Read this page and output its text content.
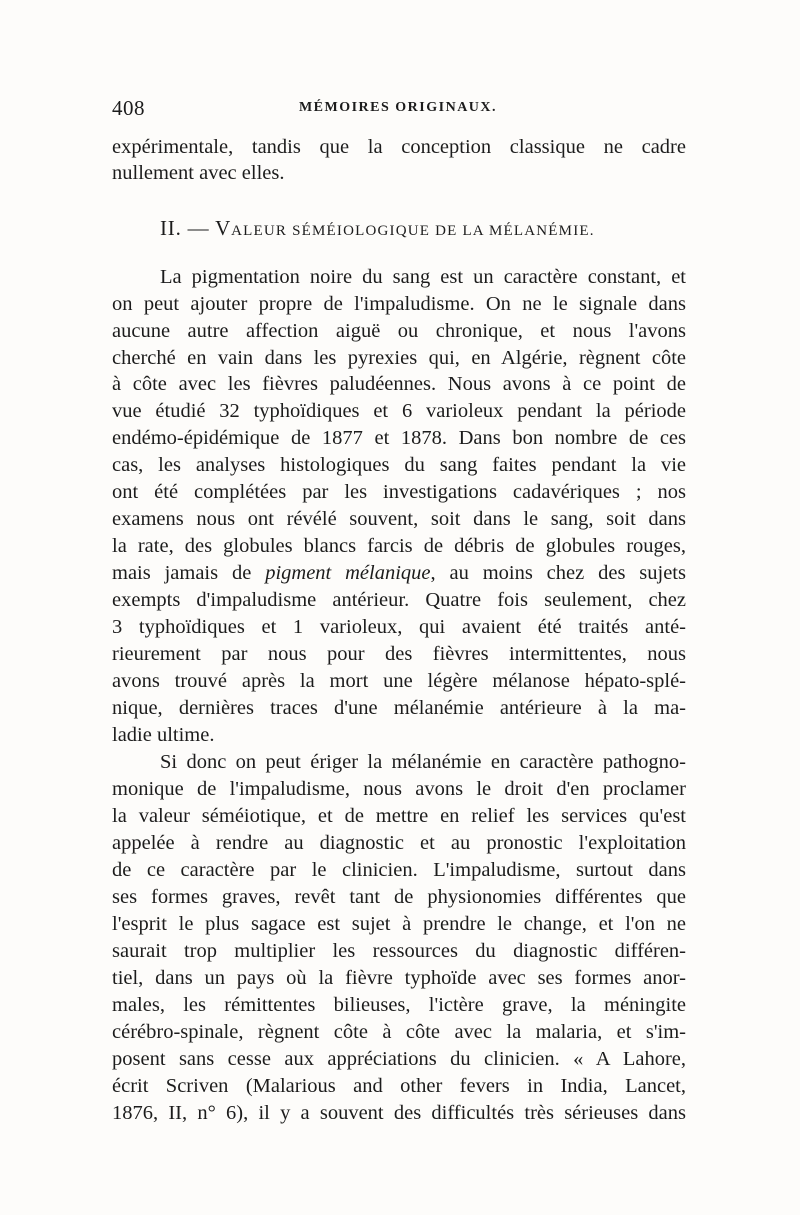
408	MÉMOIRES ORIGINAUX.
expérimentale, tandis que la conception classique ne cadre
nullement avec elles.
II. — VALEUR SÉMÉIOLOGIQUE DE LA MÉLANÉMIE.
La pigmentation noire du sang est un caractère constant, et
on peut ajouter propre de l'impaludisme. On ne le signale dans
aucune autre affection aiguë ou chronique, et nous l'avons
cherché en vain dans les pyrexies qui, en Algérie, règnent côte
à côte avec les fièvres paludéennes. Nous avons à ce point de
vue étudié 32 typhoïdiques et 6 varioleux pendant la période
endémo-épidémique de 1877 et 1878. Dans bon nombre de ces
cas, les analyses histologiques du sang faites pendant la vie
ont été complétées par les investigations cadavériques ; nos
examens nous ont révélé souvent, soit dans le sang, soit dans
la rate, des globules blancs farcis de débris de globules rouges,
mais jamais de pigment mélanique, au moins chez des sujets
exempts d'impaludisme antérieur. Quatre fois seulement, chez
3 typhoïdiques et 1 varioleux, qui avaient été traités anté-
rieurement par nous pour des fièvres intermittentes, nous
avons trouvé après la mort une légère mélanose hépato-splé-
nique, dernières traces d'une mélanémie antérieure à la ma-
ladie ultime.
Si donc on peut ériger la mélanémie en caractère pathogno-
monique de l'impaludisme, nous avons le droit d'en proclamer
la valeur séméiotique, et de mettre en relief les services qu'est
appelée à rendre au diagnostic et au pronostic l'exploitation
de ce caractère par le clinicien. L'impaludisme, surtout dans
ses formes graves, revêt tant de physionomies différentes que
l'esprit le plus sagace est sujet à prendre le change, et l'on ne
saurait trop multiplier les ressources du diagnostic différen-
tiel, dans un pays où la fièvre typhoïde avec ses formes anor-
males, les rémittentes bilieuses, l'ictère grave, la méningite
cérébro-spinale, règnent côte à côte avec la malaria, et s'im-
posent sans cesse aux appréciations du clinicien. « A Lahore,
écrit Scriven (Malarious and other fevers in India, Lancet,
1876, II, n° 6), il y a souvent des difficultés très sérieuses dans
